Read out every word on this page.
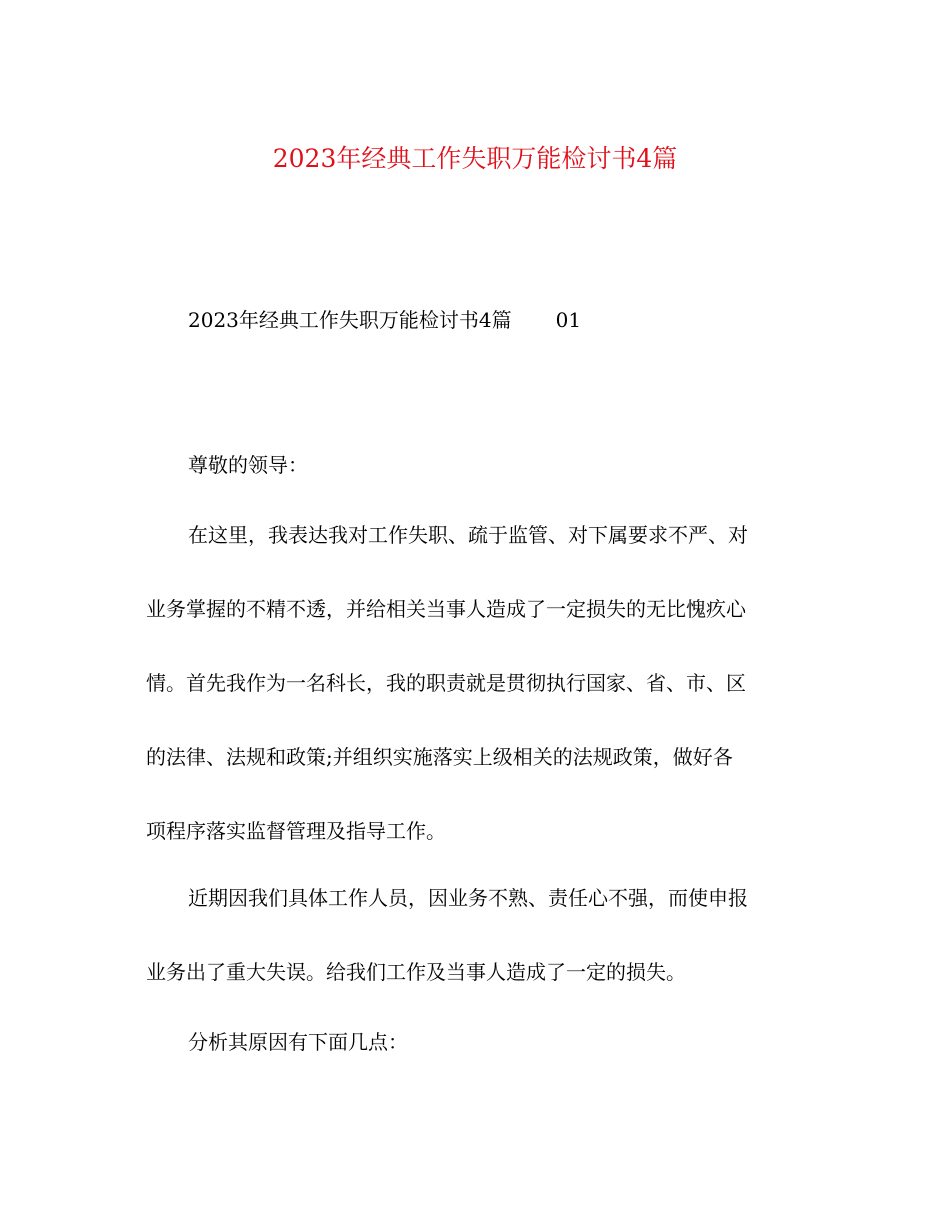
2023年经典工作失职万能检讨书4篇
2023年经典工作失职万能检讨书4篇 01
尊敬的领导：
在这里，我表达我对工作失职、疏于监管、对下属要求不严、对
业务掌握的不精不透，并给相关当事人造成了一定损失的无比愧疚心
情。首先我作为一名科长，我的职责就是贯彻执行国家、省、市、区
的法律、法规和政策;并组织实施落实上级相关的法规政策，做好各
项程序落实监督管理及指导工作。
近期因我们具体工作人员，因业务不熟、责任心不强，而使申报
业务出了重大失误。给我们工作及当事人造成了一定的损失。
分析其原因有下面几点：
